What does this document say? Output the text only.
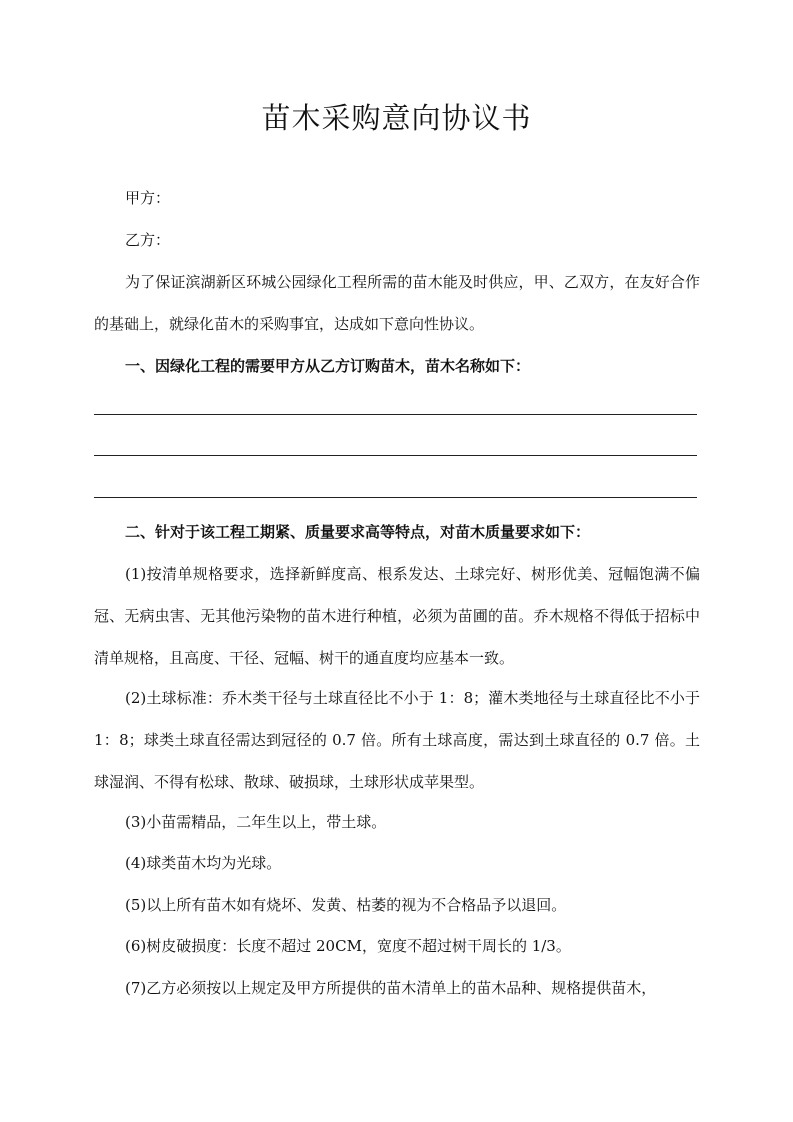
苗木采购意向协议书

甲方：

乙方：

为了保证滨湖新区环城公园绿化工程所需的苗木能及时供应，甲、乙双方，在友好合作的基础上，就绿化苗木的采购事宜，达成如下意向性协议。

一、因绿化工程的需要甲方从乙方订购苗木，苗木名称如下：

二、针对于该工程工期紧、质量要求高等特点，对苗木质量要求如下：

(1)按清单规格要求，选择新鲜度高、根系发达、土球完好、树形优美、冠幅饱满不偏冠、无病虫害、无其他污染物的苗木进行种植，必须为苗圃的苗。乔木规格不得低于招标中清单规格，且高度、干径、冠幅、树干的通直度均应基本一致。

(2)土球标准：乔木类干径与土球直径比不小于 1：8；灌木类地径与土球直径比不小于 1：8；球类土球直径需达到冠径的 0.7 倍。所有土球高度，需达到土球直径的 0.7 倍。土球湿润、不得有松球、散球、破损球，土球形状成苹果型。

(3)小苗需精品，二年生以上，带土球。

(4)球类苗木均为光球。

(5)以上所有苗木如有烧坏、发黄、枯萎的视为不合格品予以退回。

(6)树皮破损度：长度不超过 20CM，宽度不超过树干周长的 1/3。

(7)乙方必须按以上规定及甲方所提供的苗木清单上的苗木品种、规格提供苗木，
